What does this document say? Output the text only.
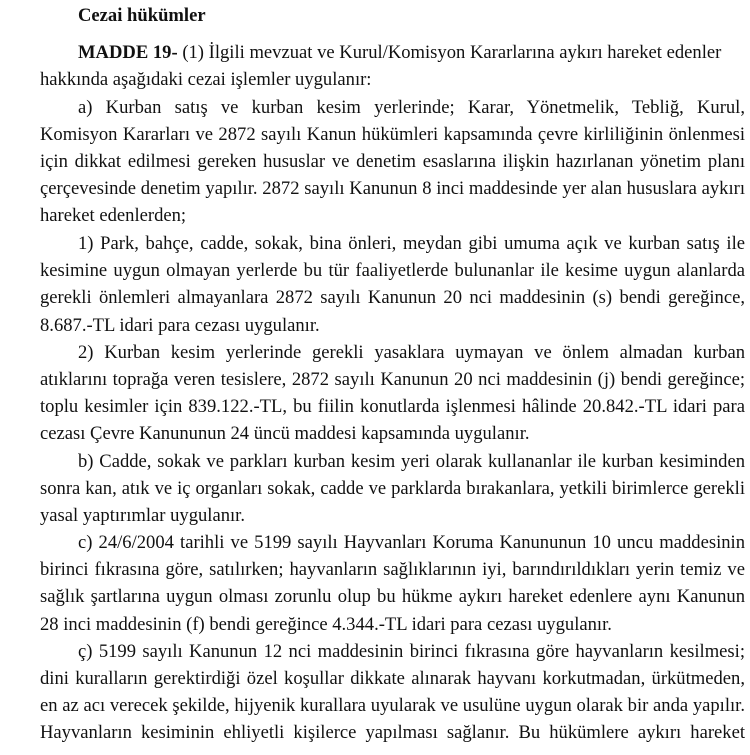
Cezai hükümler
MADDE 19- (1) İlgili mevzuat ve Kurul/Komisyon Kararlarına aykırı hareket edenler
hakkında aşağıdaki cezai işlemler uygulanır:
a) Kurban satış ve kurban kesim yerlerinde; Karar, Yönetmelik, Tebliğ, Kurul,
Komisyon Kararları ve 2872 sayılı Kanun hükümleri kapsamında çevre kirliliğinin önlenmesi
için dikkat edilmesi gereken hususlar ve denetim esaslarına ilişkin hazırlanan yönetim planı
çerçevesinde denetim yapılır. 2872 sayılı Kanunun 8 inci maddesinde yer alan hususlara aykırı
hareket edenlerden;
1) Park, bahçe, cadde, sokak, bina önleri, meydan gibi umuma açık ve kurban satış ile
kesimine uygun olmayan yerlerde bu tür faaliyetlerde bulunanlar ile kesime uygun alanlarda
gerekli önlemleri almayanlara 2872 sayılı Kanunun 20 nci maddesinin (s) bendi gereğince,
8.687.-TL idari para cezası uygulanır.
2) Kurban kesim yerlerinde gerekli yasaklara uymayan ve önlem almadan kurban
atıklarını toprağa veren tesislere, 2872 sayılı Kanunun 20 nci maddesinin (j) bendi gereğince;
toplu kesimler için 839.122.-TL, bu fiilin konutlarda işlenmesi hâlinde 20.842.-TL idari para
cezası Çevre Kanununun 24 üncü maddesi kapsamında uygulanır.
b) Cadde, sokak ve parkları kurban kesim yeri olarak kullananlar ile kurban kesiminden
sonra kan, atık ve iç organları sokak, cadde ve parklarda bırakanlara, yetkili birimlerce gerekli
yasal yaptırımlar uygulanır.
c) 24/6/2004 tarihli ve 5199 sayılı Hayvanları Koruma Kanununun 10 uncu maddesinin
birinci fıkrasına göre, satılırken; hayvanların sağlıklarının iyi, barındırıldıkları yerin temiz ve
sağlık şartlarına uygun olması zorunlu olup bu hükme aykırı hareket edenlere aynı Kanunun
28 inci maddesinin (f) bendi gereğince 4.344.-TL idari para cezası uygulanır.
ç) 5199 sayılı Kanunun 12 nci maddesinin birinci fıkrasına göre hayvanların kesilmesi;
dini kuralların gerektirdiği özel koşullar dikkate alınarak hayvanı korkutmadan, ürkütmeden,
en az acı verecek şekilde, hijyenik kurallara uyularak ve usulüne uygun olarak bir anda yapılır.
Hayvanların kesiminin ehliyetli kişilerce yapılması sağlanır. Bu hükümlere aykırı hareket
